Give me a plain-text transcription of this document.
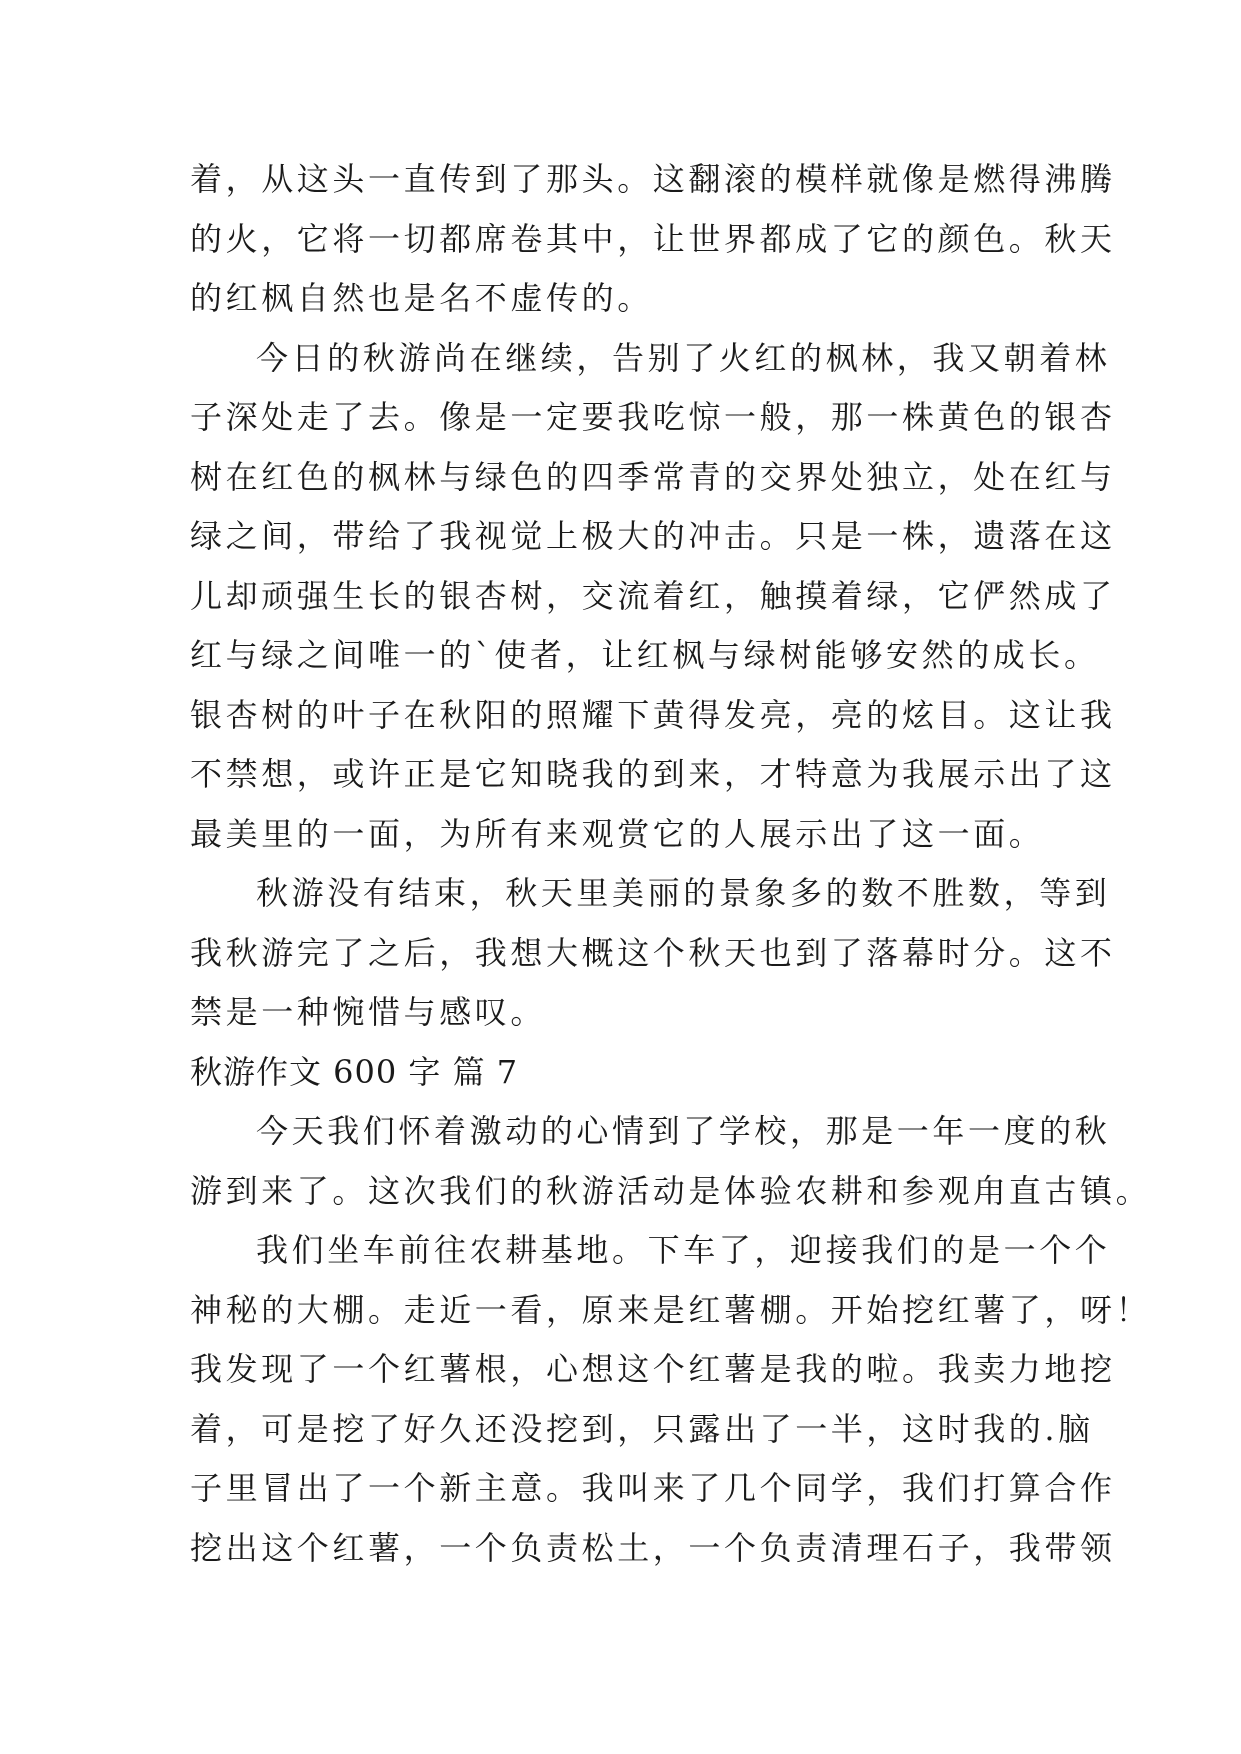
着，从这头一直传到了那头。这翻滚的模样就像是燃得沸腾
的火，它将一切都席卷其中，让世界都成了它的颜色。秋天
的红枫自然也是名不虚传的。
今日的秋游尚在继续，告别了火红的枫林，我又朝着林
子深处走了去。像是一定要我吃惊一般，那一株黄色的银杏
树在红色的枫林与绿色的四季常青的交界处独立，处在红与
绿之间，带给了我视觉上极大的冲击。只是一株，遗落在这
儿却顽强生长的银杏树，交流着红，触摸着绿，它俨然成了
红与绿之间唯一的`使者，让红枫与绿树能够安然的成长。
银杏树的叶子在秋阳的照耀下黄得发亮，亮的炫目。这让我
不禁想，或许正是它知晓我的到来，才特意为我展示出了这
最美里的一面，为所有来观赏它的人展示出了这一面。
秋游没有结束，秋天里美丽的景象多的数不胜数，等到
我秋游完了之后，我想大概这个秋天也到了落幕时分。这不
禁是一种惋惜与感叹。
秋游作文 600 字 篇 7
今天我们怀着激动的心情到了学校，那是一年一度的秋
游到来了。这次我们的秋游活动是体验农耕和参观甪直古镇。
我们坐车前往农耕基地。下车了，迎接我们的是一个个
神秘的大棚。走近一看，原来是红薯棚。开始挖红薯了，呀！
我发现了一个红薯根，心想这个红薯是我的啦。我卖力地挖
着，可是挖了好久还没挖到，只露出了一半，这时我的.脑
子里冒出了一个新主意。我叫来了几个同学，我们打算合作
挖出这个红薯，一个负责松土，一个负责清理石子，我带领
